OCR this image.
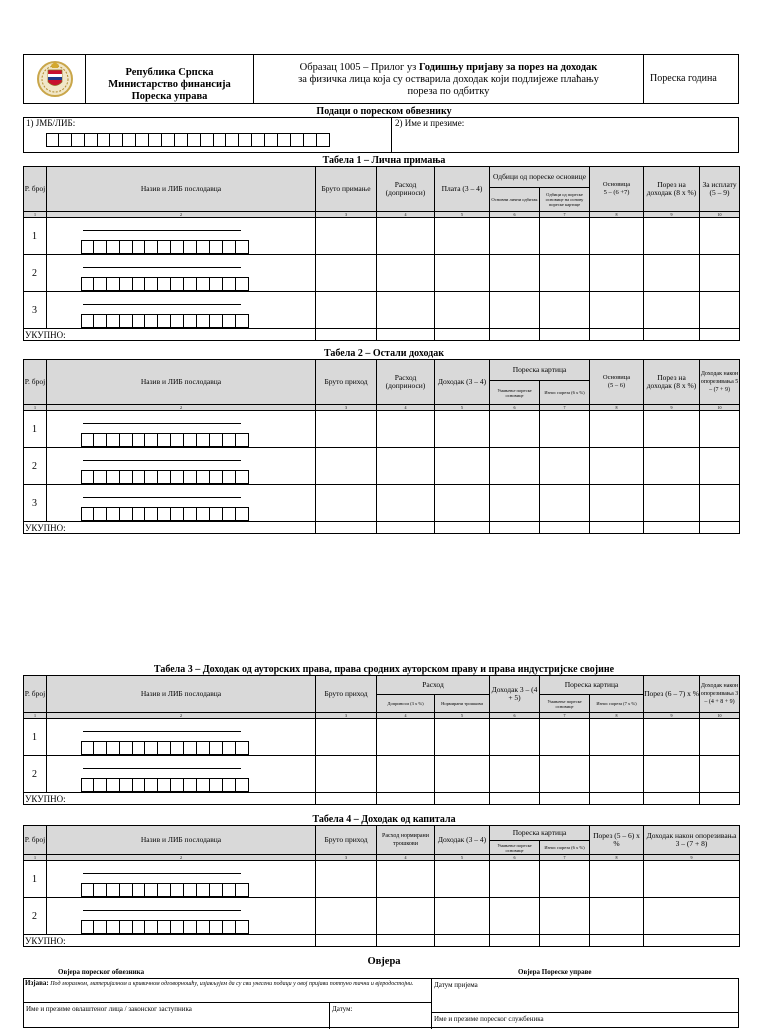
Република Српска
Министарство финансија
Пореска управа
Образац 1005 – Прилог уз Годишњу пријаву за порез на доходак
за физичка лица која су остварила доходак који подлијеже плаћању
пореза по одбитку
Пореска година
Подаци о пореском обвезнику
1) ЈМБ/ЛИБ:	2) Име и презиме:
Табела 1 – Лична примања
Р. број	Назив и ЛИБ послодавца	Бруто примање	Расход (доприноси)	Плата (3 – 4)	Одбици од пореске основице		Основица
5 – (6 +7)	Порез на доходак (8 x %)	За исплату (5 – 9)
					Основни лични одбитак	Одбици од пореске основице на основу пореске картице			
1	2	3	4	5	6	7	8	9	10
1	

2	

3	

УКУПНО:									
Табела 2 – Остали доходак
Р. број	Назив и ЛИБ послодавца	Бруто приход	Расход (доприноси)	Доходак (3 – 4)	Пореска картица		Основица
(5 – 6)	Порез на доходак (8 x %)	Доходак након опорезивања 5 – (7 + 9)
					Умањење пореске основице	Износ пореза (6 x %)			
1	2	3	4	5	6	7	8	9	10
1	

2	

3	

УКУПНО:									
Табела 3 – Доходак од ауторских права, права сродних ауторском праву и права индустријске својине
Р. број	Назив и ЛИБ послодавца	Бруто приход	Расход		Доходак 3 – (4 + 5)	Пореска картица		Порез (6 – 7) x %	Доходак након опорезивања 3 – (4 + 8 + 9)
			Доприноси (3 x %)	Нормирани трошкови		Умањење пореске основице	Износ пореза (7 x %)		
1	2	3	4	5	6	7	8	9	10
1	

2	

УКУПНО:									
Табела 4 – Доходак од капитала
Р. број	Назив и ЛИБ послодавца	Бруто приход	Расход нормирани трошкови	Доходак (3 – 4)	Пореска картица		Порез (5 – 6) x %	Доходак након опорезивања 3 – (7 + 8)
					Умањење пореске основице	Износ пореза (6 x %)		
1	2	3	4	5	6	7	8	9
1	

2	

УКУПНО:								
Овјера
Овјера пореског обвезника	Овјера Пореске управе
Изјава: Под моралном, материјалном и кривичном одговорношћу, изјављујем да су сви унесени подаци у овој пријави потпуно тачни и вјеродостојни.
Име и презиме овлаштеног лица / законског заступника	Датум:
Датум пријема
Име и презиме пореског службеника
